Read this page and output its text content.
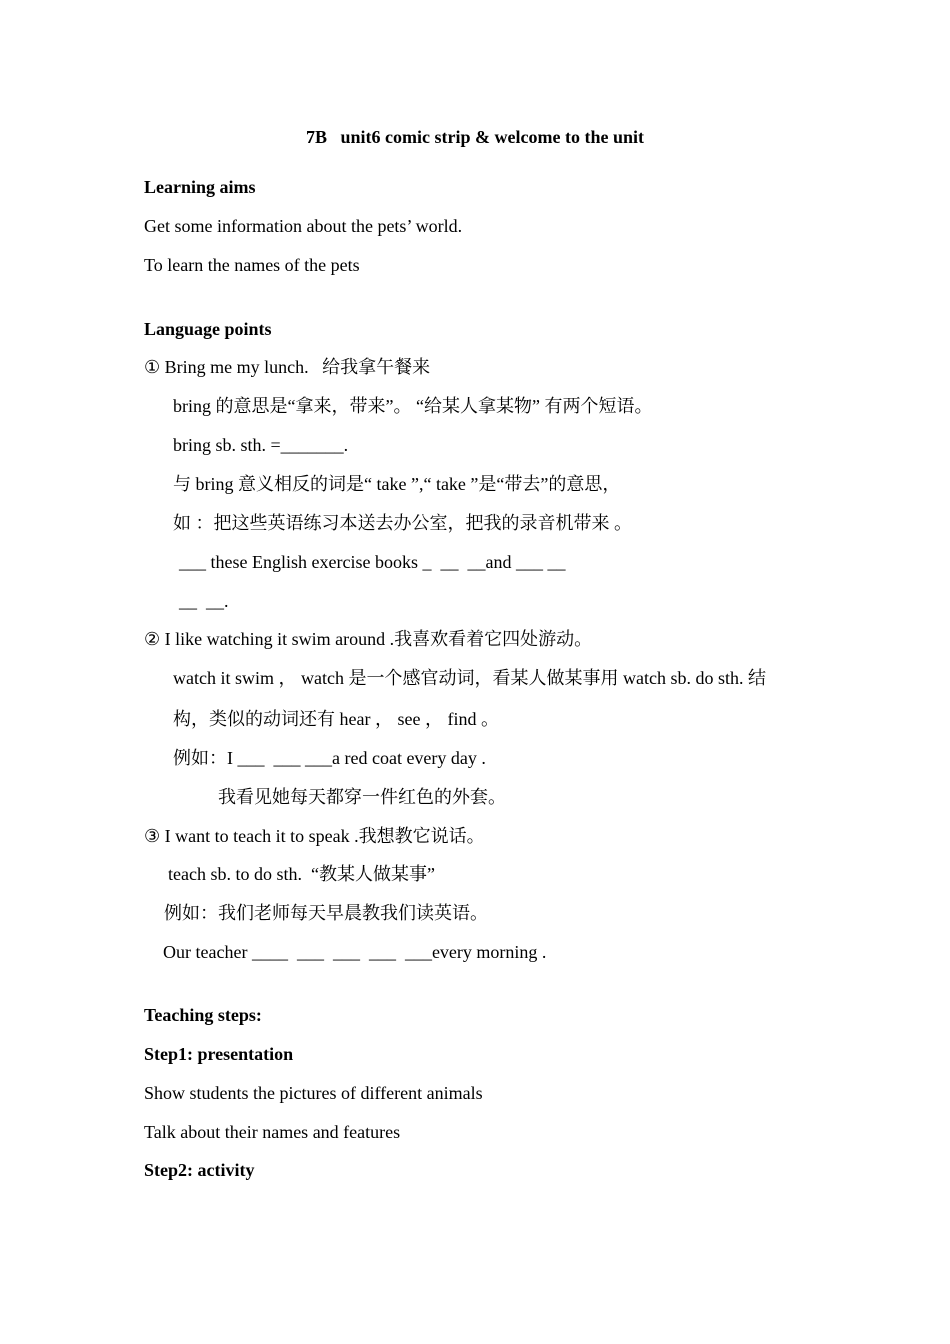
7B   unit6 comic strip & welcome to the unit
Learning aims
Get some information about the pets’ world.
To learn the names of the pets
Language points
① Bring me my lunch.   给我拿午餐来
bring 的意思是“拿来，带来”。 “给某人拿某物” 有两个短语。
bring sb. sth. =_______.
与 bring 意义相反的词是“ take ”,“ take ”是“带去”的意思，
如 ：把这些英语练习本送去办公室，把我的录音机带来 。
___ these English exercise books _  __  __and ___ __
__  __.
② I like watching it swim around .我喜欢看着它四处游动。
watch it swim ， watch 是一个感官动词，看某人做某事用 watch sb. do sth. 结
构，类似的动词还有 hear ， see ， find 。
例如：I ___  ___ ___a red coat every day .
我看见她每天都穿一件红色的外套。
③ I want to teach it to speak .我想教它说话。
teach sb. to do sth.  “教某人做某事”
例如：我们老师每天早晨教我们读英语。
Our teacher ____  ___  ___  ___  ___every morning .
Teaching steps:
Step1: presentation
Show students the pictures of different animals
Talk about their names and features
Step2: activity
